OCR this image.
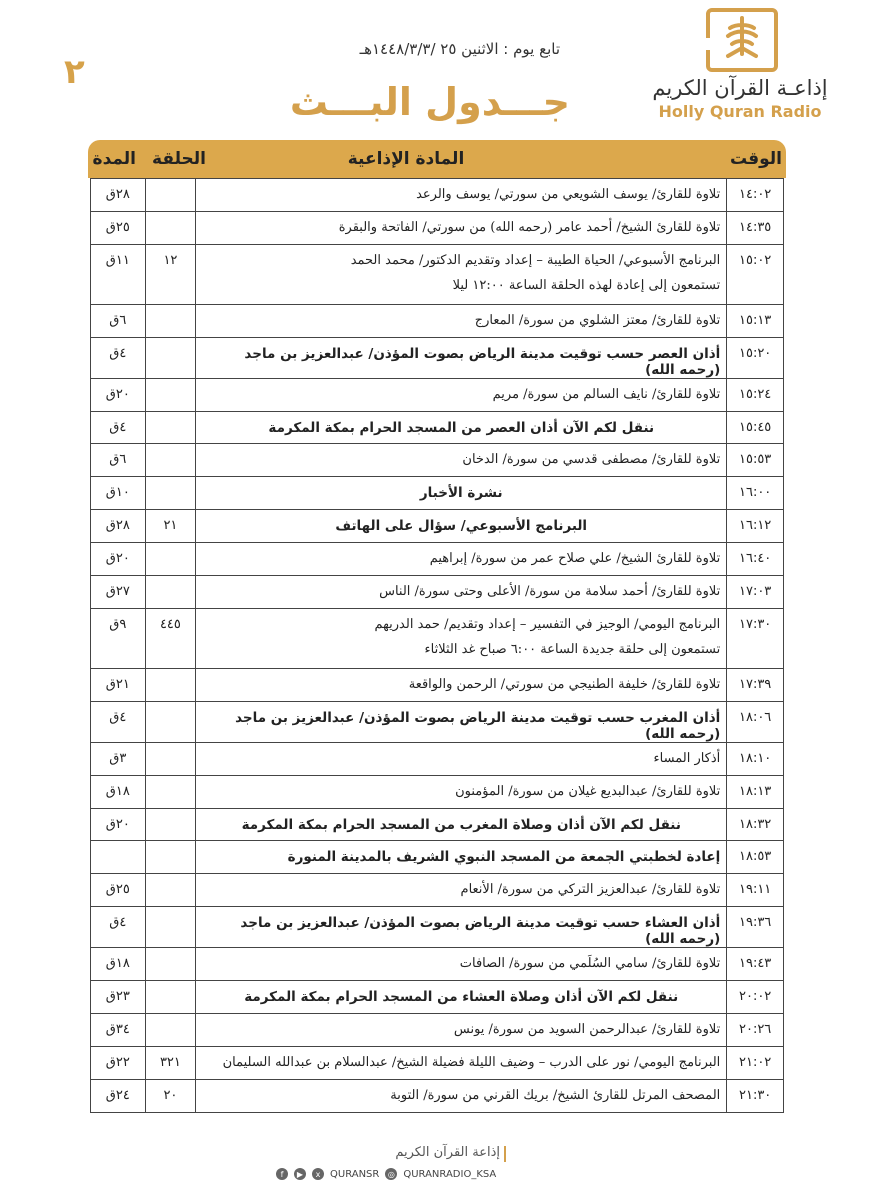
٢
تابع يوم : الاثنين ٢٥ /١٤٤٨/٣/٣هـ
جـــدول البـــث	إذاعـة القرآن الكريم
Holly Quran Radio
الوقت
المادة الإذاعية
الحلقة
المدة
١٤:٠٢	تلاوة للقارئ/ يوسف الشويعي من سورتي/ يوسف والرعد		٢٨ق
١٤:٣٥	تلاوة للقارئ الشيخ/ أحمد عامر (رحمه الله) من سورتي/ الفاتحة والبقرة		٢٥ق
١٥:٠٢	البرنامج الأسبوعي/ الحياة الطيبة – إعداد وتقديم الدكتور/ محمد الحمد
تستمعون إلى إعادة لهذه الحلقة الساعة ١٢:٠٠ ليلا	١٢	١١ق
١٥:١٣	تلاوة للقارئ/ معتز الشلوي من سورة/ المعارج		٦ق
١٥:٢٠	أذان العصر حسب توقيت مدينة الرياض بصوت المؤذن/ عبدالعزيز بن ماجد (رحمه الله)		٤ق
١٥:٢٤	تلاوة للقارئ/ نايف السالم من سورة/ مريم		٢٠ق
١٥:٤٥	ننقل لكم الآن أذان العصر من المسجد الحرام بمكة المكرمة		٤ق
١٥:٥٣	تلاوة للقارئ/ مصطفى قدسي من سورة/ الدخان		٦ق
١٦:٠٠	نشرة الأخبار		١٠ق
١٦:١٢	البرنامج الأسبوعي/ سؤال على الهاتف	٢١	٢٨ق
١٦:٤٠	تلاوة للقارئ الشيخ/ علي صلاح عمر من سورة/ إبراهيم		٢٠ق
١٧:٠٣	تلاوة للقارئ/ أحمد سلامة من سورة/ الأعلى وحتى سورة/ الناس		٢٧ق
١٧:٣٠	البرنامج اليومي/ الوجيز في التفسير – إعداد وتقديم/ حمد الدريهم
تستمعون إلى حلقة جديدة الساعة ٦:٠٠ صباح غد الثلاثاء	٤٤٥	٩ق
١٧:٣٩	تلاوة للقارئ/ خليفة الطنيجي من سورتي/ الرحمن والواقعة		٢١ق
١٨:٠٦	أذان المغرب حسب توقيت مدينة الرياض بصوت المؤذن/ عبدالعزيز بن ماجد (رحمه الله)		٤ق
١٨:١٠	أذكار المساء		٣ق
١٨:١٣	تلاوة للقارئ/ عبدالبديع غيلان من سورة/ المؤمنون		١٨ق
١٨:٣٢	ننقل لكم الآن أذان وصلاة المغرب من المسجد الحرام بمكة المكرمة		٢٠ق
١٨:٥٣	إعادة لخطبتي الجمعة من المسجد النبوي الشريف بالمدينة المنورة		
١٩:١١	تلاوة للقارئ/ عبدالعزيز التركي من سورة/ الأنعام		٢٥ق
١٩:٣٦	أذان العشاء حسب توقيت مدينة الرياض بصوت المؤذن/ عبدالعزيز بن ماجد (رحمه الله)		٤ق
١٩:٤٣	تلاوة للقارئ/ سامي السُلَمي من سورة/ الصافات		١٨ق
٢٠:٠٢	ننقل لكم الآن أذان وصلاة العشاء من المسجد الحرام بمكة المكرمة		٢٣ق
٢٠:٢٦	تلاوة للقارئ/ عبدالرحمن السويد من سورة/ يونس		٣٤ق
٢١:٠٢	البرنامج اليومي/ نور على الدرب – وضيف الليلة فضيلة الشيخ/ عبدالسلام بن عبدالله السليمان	٣٢١	٢٢ق
٢١:٣٠	المصحف المرتل للقارئ الشيخ/ بريك القرني من سورة/ التوبة	٢٠	٢٤ق
إذاعة القرآن الكريم
f	▶	x QURANSR	◎ QURANRADIO_KSA
